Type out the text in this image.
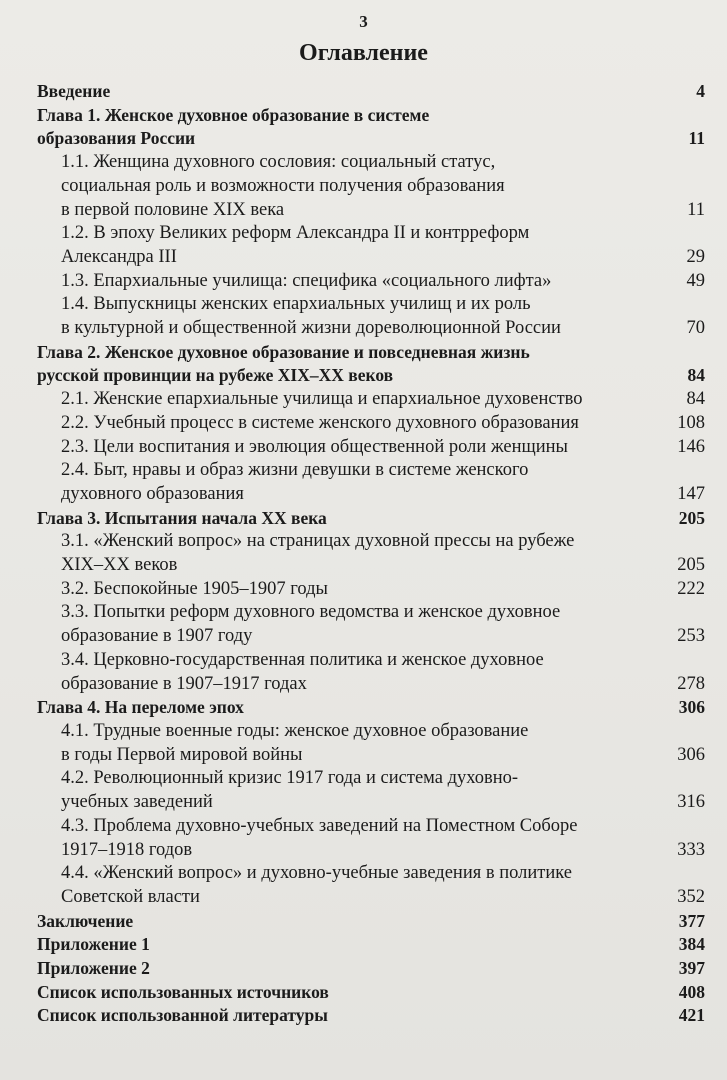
3
Оглавление
Введение	4
Глава 1. Женское духовное образование в системе
образования России	11
1.1. Женщина духовного сословия: социальный статус,
социальная роль и возможности получения образования
в первой половине XIX века	11
1.2. В эпоху Великих реформ Александра II и контрреформ
Александра III	29
1.3. Епархиальные училища: специфика «социального лифта»	49
1.4. Выпускницы женских епархиальных училищ и их роль
в культурной и общественной жизни дореволюционной России	70
Глава 2. Женское духовное образование и повседневная жизнь
русской провинции на рубеже XIX–XX веков	84
2.1. Женские епархиальные училища и епархиальное духовенство	84
2.2. Учебный процесс в системе женского духовного образования	108
2.3. Цели воспитания и эволюция общественной роли женщины	146
2.4. Быт, нравы и образ жизни девушки в системе женского
духовного образования	147
Глава 3. Испытания начала XX века	205
3.1. «Женский вопрос» на страницах духовной прессы на рубеже
XIX–XX веков	205
3.2. Беспокойные 1905–1907 годы	222
3.3. Попытки реформ духовного ведомства и женское духовное
образование в 1907 году	253
3.4. Церковно-государственная политика и женское духовное
образование в 1907–1917 годах	278
Глава 4. На переломе эпох	306
4.1. Трудные военные годы: женское духовное образование
в годы Первой мировой войны	306
4.2. Революционный кризис 1917 года и система духовно-
учебных заведений	316
4.3. Проблема духовно-учебных заведений на Поместном Соборе
1917–1918 годов	333
4.4. «Женский вопрос» и духовно-учебные заведения в политике
Советской власти	352
Заключение	377
Приложение 1	384
Приложение 2	397
Список использованных источников	408
Список использованной литературы	421
